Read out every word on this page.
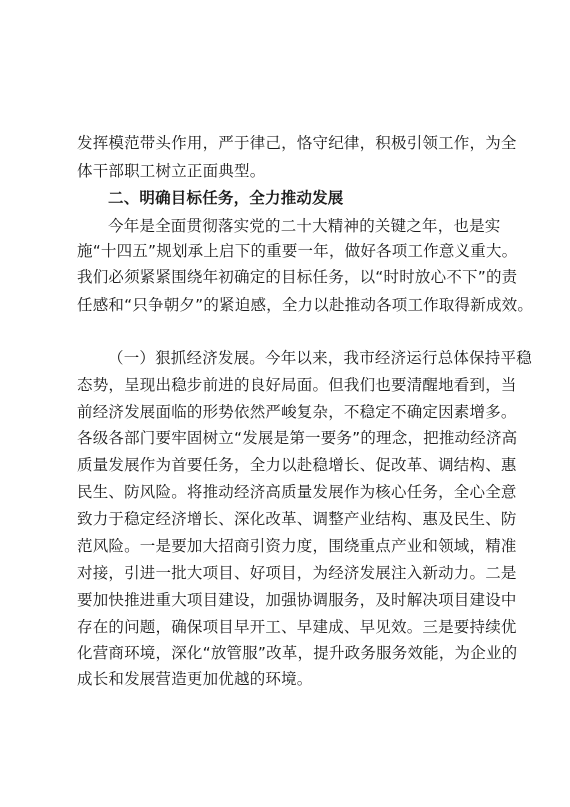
发挥模范带头作用，严于律己，恪守纪律，积极引领工作，为全
体干部职工树立正面典型。
二、明确目标任务，全力推动发展
今年是全面贯彻落实党的二十大精神的关键之年，也是实
施“十四五”规划承上启下的重要一年，做好各项工作意义重大。
我们必须紧紧围绕年初确定的目标任务，以“时时放心不下”的责
任感和“只争朝夕”的紧迫感，全力以赴推动各项工作取得新成效。
（一）狠抓经济发展。今年以来，我市经济运行总体保持平稳
态势，呈现出稳步前进的良好局面。但我们也要清醒地看到，当
前经济发展面临的形势依然严峻复杂，不稳定不确定因素增多。
各级各部门要牢固树立“发展是第一要务”的理念，把推动经济高
质量发展作为首要任务，全力以赴稳增长、促改革、调结构、惠
民生、防风险。将推动经济高质量发展作为核心任务，全心全意
致力于稳定经济增长、深化改革、调整产业结构、惠及民生、防
范风险。一是要加大招商引资力度，围绕重点产业和领域，精准
对接，引进一批大项目、好项目，为经济发展注入新动力。二是
要加快推进重大项目建设，加强协调服务，及时解决项目建设中
存在的问题，确保项目早开工、早建成、早见效。三是要持续优
化营商环境，深化“放管服”改革，提升政务服务效能，为企业的
成长和发展营造更加优越的环境。
